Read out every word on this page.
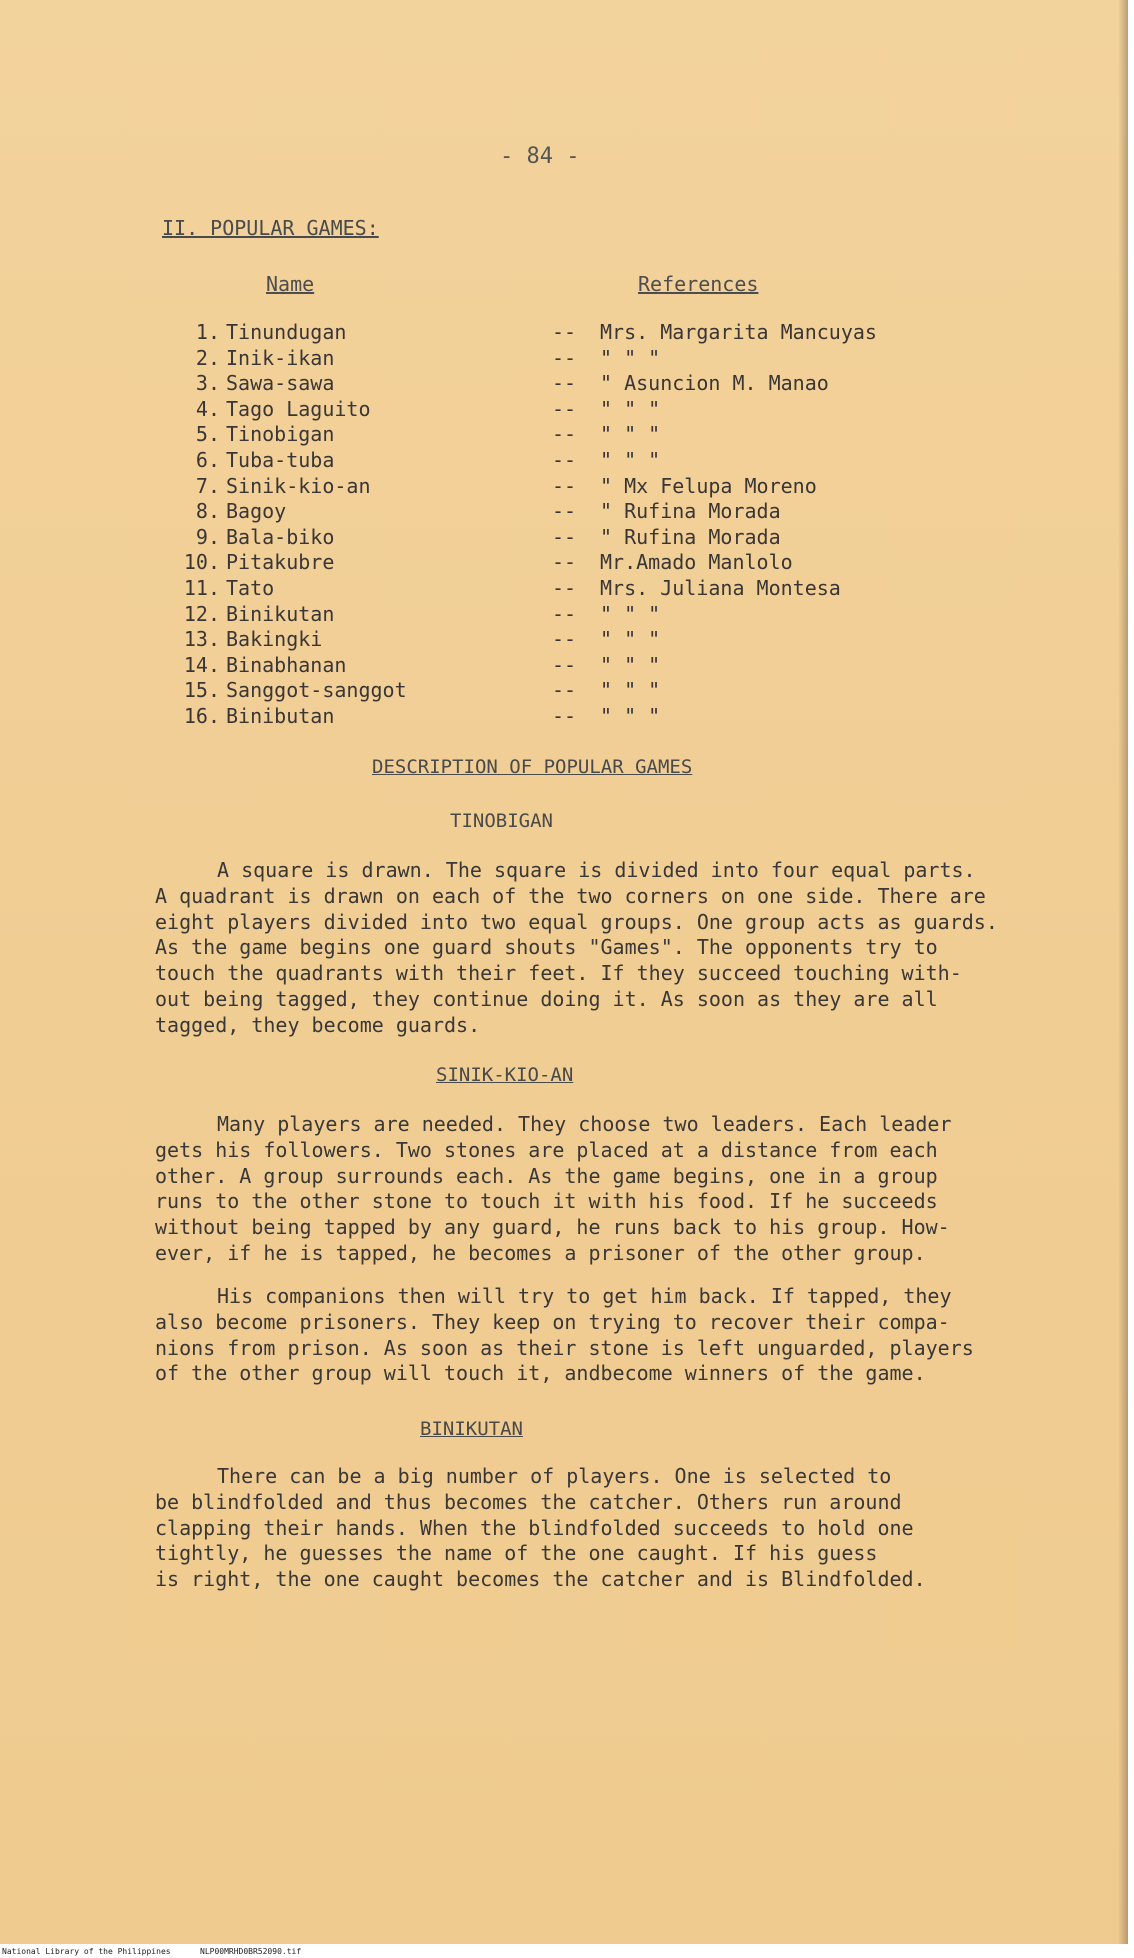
- 84 -
II. POPULAR GAMES:
Name	References
1. Tinundugan	-- Mrs. Margarita Mancuyas
2. Inik-ikan	-- " " "
3. Sawa-sawa	-- " Asuncion M. Manao
4. Tago Laguito	-- " " "
5. Tinobigan	-- " " "
6. Tuba-tuba	-- " " "
7. Sinik-kio-an	-- " Mx Felupa Moreno
8. Bagoy	-- " Rufina Morada
9. Bala-biko	-- " Rufina Morada
10. Pitakubre	-- Mr.Amado Manlolo
11. Tato	-- Mrs. Juliana Montesa
12. Binikutan	-- " " "
13. Bakingki	-- " " "
14. Binabhanan	-- " " "
15. Sanggot-sanggot	-- " " "
16. Binibutan	-- " " "
DESCRIPTION OF POPULAR GAMES
TINOBIGAN
A square is drawn. The square is divided into four equal parts.
A quadrant is drawn on each of the two corners on one side. There are
eight players divided into two equal groups. One group acts as guards.
As the game begins one guard shouts "Games". The opponents try to
touch the quadrants with their feet. If they succeed touching with-
out being tagged, they continue doing it. As soon as they are all
tagged, they become guards.
SINIK-KIO-AN
Many players are needed. They choose two leaders. Each leader
gets his followers. Two stones are placed at a distance from each
other. A group surrounds each. As the game begins, one in a group
runs to the other stone to touch it with his food. If he succeeds
without being tapped by any guard, he runs back to his group. How-
ever, if he is tapped, he becomes a prisoner of the other group.
His companions then will try to get him back. If tapped, they
also become prisoners. They keep on trying to recover their compa-
nions from prison. As soon as their stone is left unguarded, players
of the other group will touch it, andbecome winners of the game.
BINIKUTAN
There can be a big number of players. One is selected to
be blindfolded and thus becomes the catcher. Others run around
clapping their hands. When the blindfolded succeeds to hold one
tightly, he guesses the name of the one caught. If his guess
is right, the one caught becomes the catcher and is Blindfolded.
National Library of the Philippines	NLP00MRHD0BR52090.tif
